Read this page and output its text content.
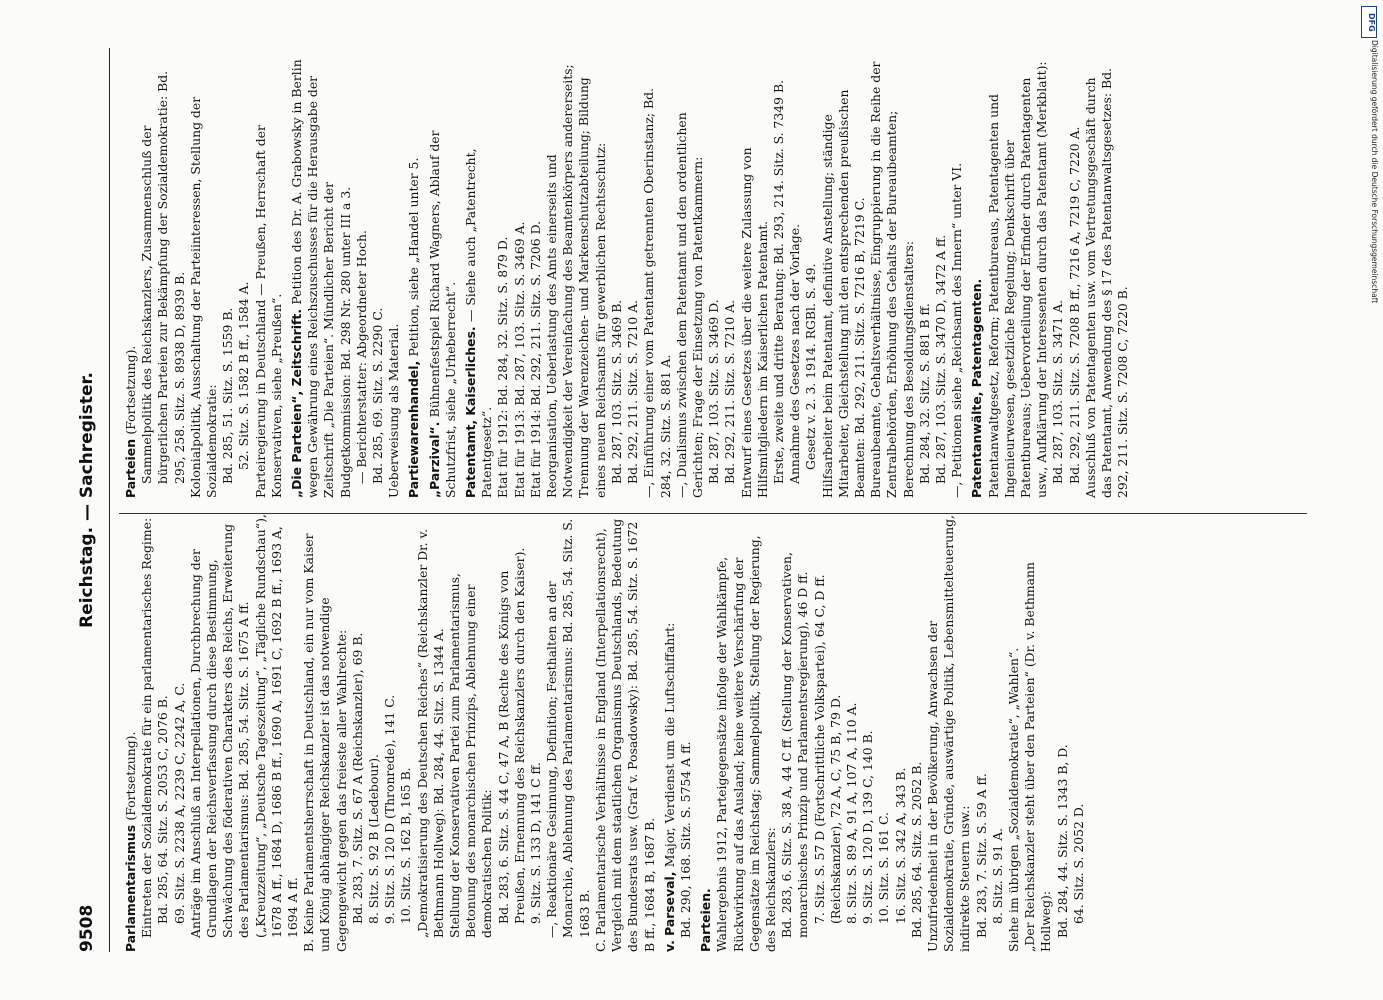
9508
Reichstag. — Sachregister.
Parlamentarismus (Fortsetzung). Eintreten der Sozialdemokratie für ein parlamentarisches Regime: Bd. 285, 64. Sitz. S. 2053 C, 2076 B. 69. Sitz. S. 2238 A, 2239 C, 2242 A, C. Anträge im Anschluß an Interpellationen, Durchbrechung der Grundlagen der Reichsverfassung durch diese Bestimmung, Schwächung des föderativen Charakters des Reichs, Erweiterung des Parlamentarismus: Bd. 285, 54. Sitz. S. 1675 A ff. („Kreuzzeitung“, „Deutsche Tageszeitung“, „Tägliche Rundschau“), 1678 A ff., 1684 D, 1686 B ff., 1690 A, 1691 C, 1692 B ff., 1693 A, 1694 A ff. B. Keine Parlamentsherrschaft in Deutschland, ein nur vom Kaiser und König abhängiger Reichskanzler ist das notwendige Gegengewicht gegen das freieste aller Wahlrechte: Bd. 283, 7. Sitz. S. 67 A (Reichskanzler), 69 B. 8. Sitz. S. 92 B (Ledebour). 9. Sitz. S. 120 D (Thronrede), 141 C. 10. Sitz. S. 162 B, 165 B. „Demokratisierung des Deutschen Reiches“ (Reichskanzler Dr. v. Bethmann Hollweg): Bd. 284, 44. Sitz. S. 1344 A. Stellung der Konservativen Partei zum Parlamentarismus, Betonung des monarchischen Prinzips, Ablehnung einer demokratischen Politik: Bd. 283, 6. Sitz. S. 44 C, 47 A, B (Rechte des Königs von Preußen, Ernennung des Reichskanzlers durch den Kaiser). 9. Sitz. S. 133 D, 141 C ff. —, Reaktionäre Gesinnung, Definition; Festhalten an der Monarchie, Ablehnung des Parlamentarismus: Bd. 285, 54. Sitz. S. 1683 B. C. Parlamentarische Verhältnisse in England (Interpellationsrecht), Vergleich mit dem staatlichen Organismus Deutschlands, Bedeutung des Bundesrats usw. (Graf v. Posadowsky): Bd. 285, 54. Sitz. S. 1672 B ff., 1684 B, 1687 B. v. Parseval, Major, Verdienst um die Luftschiffahrt: Bd. 290, 168. Sitz. S. 5754 A ff. Parteien. Wahlergebnis 1912, Parteigegensätze infolge der Wahlkämpfe, Rückwirkung auf das Ausland; keine weitere Verschärfung der Gegensätze im Reichstag; Sammelpolitik, Stellung der Regierung, des Reichskanzlers: Bd. 283, 6. Sitz. S. 38 A, 44 C ff. (Stellung der Konservativen, monarchisches Prinzip und Parlamentsregierung), 46 D ff. 7. Sitz. S. 57 D (Fortschrittliche Volkspartei), 64 C, D ff. (Reichskanzler), 72 A, C, 75 B, 79 D. 8. Sitz. S. 89 A, 91 A, 107 A, 110 A. 9. Sitz. S. 120 D, 139 C, 140 B. 10. Sitz. S. 161 C. 16. Sitz. S. 342 A, 343 B. Bd. 285, 64. Sitz. S. 2052 B. Unzufriedenheit in der Bevölkerung, Anwachsen der Sozialdemokratie, Gründe, auswärtige Politik, Lebensmittelteuerung, indirekte Steuern usw.: Bd. 283, 7. Sitz. S. 59 A ff. 8. Sitz. S. 91 A. Siehe im übrigen „Sozialdemokratie“, „Wahlen“. „Der Reichskanzler steht über den Parteien“ (Dr. v. Bethmann Hollweg): Bd. 284, 44. Sitz. S. 1343 B, D. 64. Sitz. S. 2052 D.
Parteien (Fortsetzung). Sammelpolitik des Reichskanzlers, Zusammenschluß der bürgerlichen Parteien zur Bekämpfung der Sozialdemokratie: Bd. 295, 258. Sitz. S. 8938 D, 8939 B. Kolonialpolitik, Ausschaltung der Parteiinteressen, Stellung der Sozialdemokratie: Bd. 285, 51. Sitz. S. 1559 B. 52. Sitz. S. 1582 B ff., 1584 A. Parteiregierung in Deutschland — Preußen, Herrschaft der Konservativen, siehe „Preußen“. „Die Parteien“, Zeitschrift. Petition des Dr. A. Grabowsky in Berlin wegen Gewährung eines Reichszuschusses für die Herausgabe der Zeitschrift „Die Parteien“. Mündlicher Bericht der Budgetkommission: Bd. 298 Nr. 280 unter III a 3. — Berichterstatter: Abgeordneter Hoch. Bd. 285, 69. Sitz. S. 2290 C. Ueberweisung als Material. Partiewarenhandel, Petition, siehe „Handel unter 5.
„Parzival“. Bühnenfestspiel Richard Wagners, Ablauf der Schutzfrist, siehe „Urheberrecht“. Patentamt, Kaiserliches. — Siehe auch „Patentrecht, Patentgesetz“. Etat für 1912: Bd. 284, 32. Sitz. S. 879 D. Etat für 1913: Bd. 287, 103. Sitz. S. 3469 A. Etat für 1914: Bd. 292, 211. Sitz. S. 7206 D. Reorganisation, Ueberlastung des Amts einerseits und Notwendigkeit der Vereinfachung des Beamtenkörpers andererseits; Trennung der Warenzeichen- und Markenschutzabteilung; Bildung eines neuen Reichsamts für gewerblichen Rechtsschutz: Bd. 287, 103. Sitz. S. 3469 B. Bd. 292, 211. Sitz. S. 7210 A. —, Einführung einer vom Patentamt getrennten Oberinstanz; Bd. 284, 32. Sitz. S. 881 A. —, Dualismus zwischen dem Patentamt und den ordentlichen Gerichten; Frage der Einsetzung von Patentkammern: Bd. 287, 103. Sitz. S. 3469 D. Bd. 292, 211. Sitz. S. 7210 A. Entwurf eines Gesetzes über die weitere Zulassung von Hilfsmitgliedern im Kaiserlichen Patentamt. Erste, zweite und dritte Beratung: Bd. 293, 214. Sitz. S. 7349 B. Annahme des Gesetzes nach der Vorlage. Gesetz v. 2. 3. 1914. RGBl. S. 49. Hilfsarbeiter beim Patentamt, definitive Anstellung; ständige Mitarbeiter, Gleichstellung mit den entsprechenden preußischen Beamten: Bd. 292, 211. Sitz. S. 7216 B, 7219 C. Bureaubeamte, Gehaltsverhältnisse, Eingruppierung in die Reihe der Zentralbehörden, Erhöhung des Gehalts der Bureaubeamten; Berechnung des Besoldungsdienstalters: Bd. 284, 32. Sitz. S. 881 B ff. Bd. 287, 103. Sitz. S. 3470 D, 3472 A ff. —, Petitionen siehe „Reichsamt des Innern“ unter VI. Patentanwälte, Patentagenten. Patentanwaltgesetz, Reform; Patentbureaus, Patentagenten und Ingenieurwesen, gesetzliche Regelung; Denkschrift über Patentbureaus; Uebervorteilung der Erfinder durch Patentagenten usw., Aufklärung der Interessenten durch das Patentamt (Merkblatt): Bd. 287, 103. Sitz. S. 3471 A. Bd. 292, 211. Sitz. S. 7208 B ff., 7216 A, 7219 C, 7220 A. Ausschluß von Patentagenten usw. vom Vertretungsgeschäft durch das Patentamt, Anwendung des § 17 des Patentanwaltsgesetzes: Bd. 292, 211. Sitz. S. 7208 C, 7220 B.
DFG
Digitalisierung gefördert durch die Deutsche Forschungsgemeinschaft
